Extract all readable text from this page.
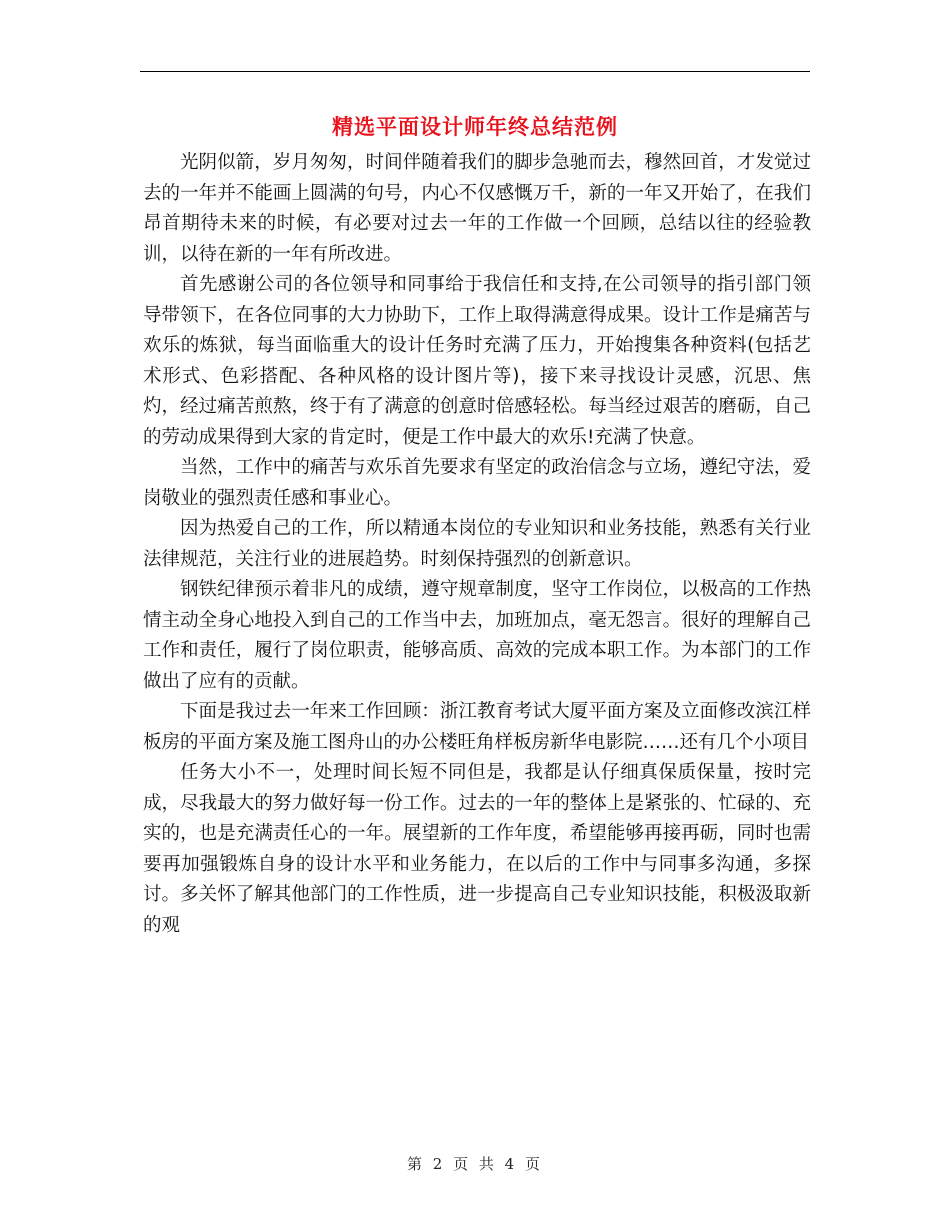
精选平面设计师年终总结范例

光阴似箭，岁月匆匆，时间伴随着我们的脚步急驰而去，穆然回首，才发觉过去的一年并不能画上圆满的句号，内心不仅感慨万千，新的一年又开始了，在我们昂首期待未来的时候，有必要对过去一年的工作做一个回顾，总结以往的经验教训，以待在新的一年有所改进。

首先感谢公司的各位领导和同事给于我信任和支持,在公司领导的指引部门领导带领下，在各位同事的大力协助下，工作上取得满意得成果。设计工作是痛苦与欢乐的炼狱，每当面临重大的设计任务时充满了压力，开始搜集各种资料(包括艺术形式、色彩搭配、各种风格的设计图片等)，接下来寻找设计灵感，沉思、焦灼，经过痛苦煎熬，终于有了满意的创意时倍感轻松。每当经过艰苦的磨砺，自己的劳动成果得到大家的肯定时，便是工作中最大的欢乐!充满了快意。

当然，工作中的痛苦与欢乐首先要求有坚定的政治信念与立场，遵纪守法，爱岗敬业的强烈责任感和事业心。

因为热爱自己的工作，所以精通本岗位的专业知识和业务技能，熟悉有关行业法律规范，关注行业的进展趋势。时刻保持强烈的创新意识。

钢铁纪律预示着非凡的成绩，遵守规章制度，坚守工作岗位，以极高的工作热情主动全身心地投入到自己的工作当中去，加班加点，毫无怨言。很好的理解自己工作和责任，履行了岗位职责，能够高质、高效的完成本职工作。为本部门的工作做出了应有的贡献。

下面是我过去一年来工作回顾：浙江教育考试大厦平面方案及立面修改滨江样板房的平面方案及施工图舟山的办公楼旺角样板房新华电影院……还有几个小项目

任务大小不一，处理时间长短不同但是，我都是认仔细真保质保量，按时完成，尽我最大的努力做好每一份工作。过去的一年的整体上是紧张的、忙碌的、充实的，也是充满责任心的一年。展望新的工作年度，希望能够再接再砺，同时也需要再加强锻炼自身的设计水平和业务能力，在以后的工作中与同事多沟通，多探讨。多关怀了解其他部门的工作性质，进一步提高自己专业知识技能，积极汲取新的观

第 2 页 共 4 页
